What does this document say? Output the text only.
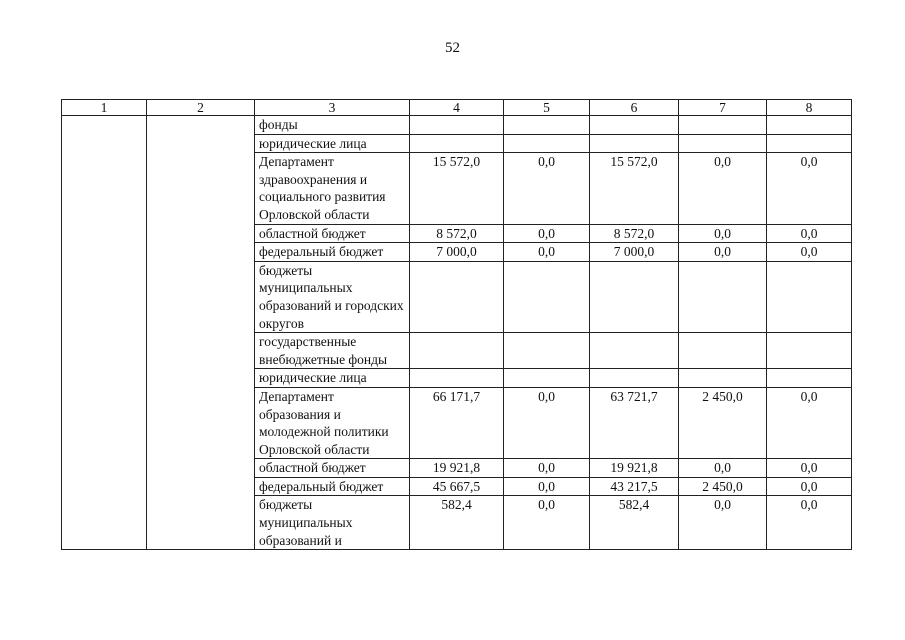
52
1	2	3	4	5	6	7	8
		фонды					
		юридические лица					
		Департамент здравоохранения и социального развития Орловской области	15 572,0	0,0	15 572,0	0,0	0,0
		областной бюджет	8 572,0	0,0	8 572,0	0,0	0,0
		федеральный бюджет	7 000,0	0,0	7 000,0	0,0	0,0
		бюджеты муниципальных образований и городских округов					
		государственные внебюджетные фонды					
		юридические лица					
		Департамент образования и молодежной политики Орловской области	66 171,7	0,0	63 721,7	2 450,0	0,0
		областной бюджет	19 921,8	0,0	19 921,8	0,0	0,0
		федеральный бюджет	45 667,5	0,0	43 217,5	2 450,0	0,0
		бюджеты муниципальных образований и	582,4	0,0	582,4	0,0	0,0
